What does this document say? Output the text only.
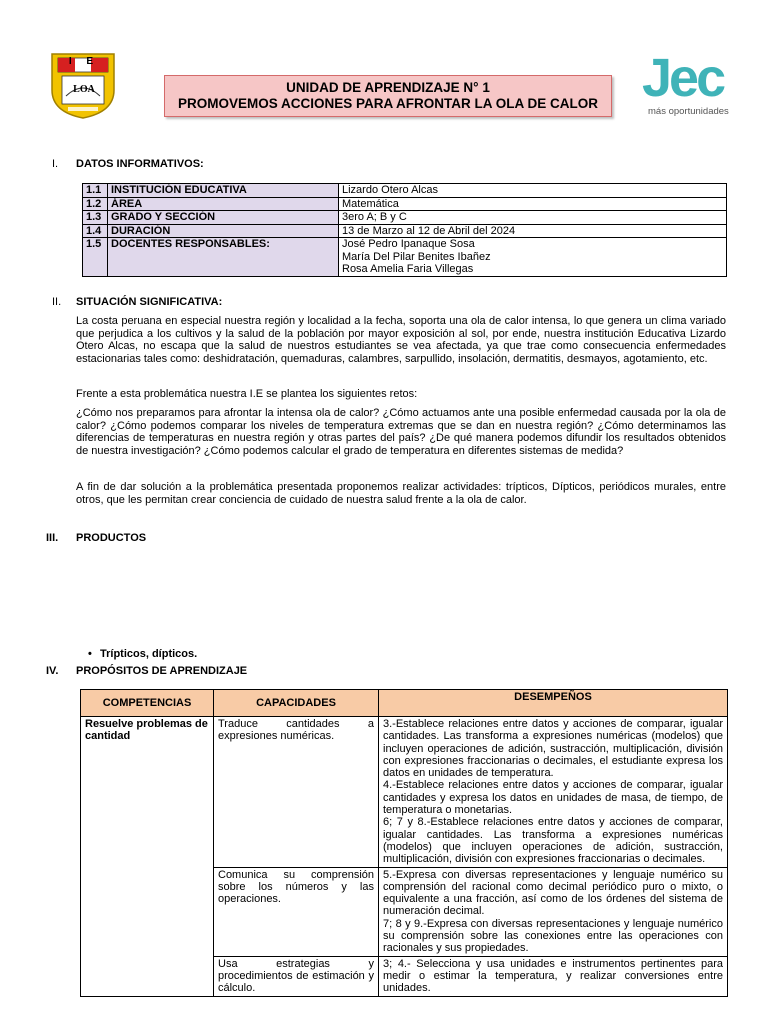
I E
LOA	UNIDAD DE APRENDIZAJE N° 1
PROMOVEMOS ACCIONES PARA AFRONTAR LA OLA DE CALOR Jec
más oportunidades
I. DATOS INFORMATIVOS:
1.1	INSTITUCIÓN EDUCATIVA	Lizardo Otero Alcas
1.2	ÁREA	Matemática
1.3	GRADO Y SECCIÓN	3ero A; B y C
1.4	DURACIÓN	13 de Marzo al 12 de Abril del 2024
1.5	DOCENTES RESPONSABLES:	José Pedro Ipanaque Sosa
María Del Pilar Benites Ibañez
Rosa Amelia Faria Villegas
II. SITUACIÓN SIGNIFICATIVA:
La costa peruana en especial nuestra región y localidad a la fecha, soporta una ola de calor intensa, lo que genera un clima variado que perjudica a los cultivos y la salud de la población por mayor exposición al sol, por ende, nuestra institución Educativa Lizardo Otero Alcas, no escapa que la salud de nuestros estudiantes se vea afectada, ya que trae como consecuencia enfermedades estacionarias tales como: deshidratación, quemaduras, calambres, sarpullido, insolación, dermatitis, desmayos, agotamiento, etc.
Frente a esta problemática nuestra I.E se plantea los siguientes retos:
¿Cómo nos preparamos para afrontar la intensa ola de calor? ¿Cómo actuamos ante una posible enfermedad causada por la ola de calor? ¿Cómo podemos comparar los niveles de temperatura extremas que se dan en nuestra región? ¿Cómo determinamos las diferencias de temperaturas en nuestra región y otras partes del país? ¿De qué manera podemos difundir los resultados obtenidos de nuestra investigación? ¿Cómo podemos calcular el grado de temperatura en diferentes sistemas de medida?
A fin de dar solución a la problemática presentada proponemos realizar actividades: trípticos, Dípticos, periódicos murales, entre otros, que les permitan crear conciencia de cuidado de nuestra salud frente a la ola de calor.
III. PRODUCTOS
• Trípticos, dípticos.
IV. PROPÓSITOS DE APRENDIZAJE
COMPETENCIAS	CAPACIDADES	DESEMPEÑOS
Resuelve problemas de cantidad	Traduce cantidades a expresiones numéricas.	3.-Establece relaciones entre datos y acciones de comparar, igualar cantidades. Las transforma a expresiones numéricas (modelos) que incluyen operaciones de adición, sustracción, multiplicación, división con expresiones fraccionarias o decimales, el estudiante expresa los datos en unidades de temperatura.
4.-Establece relaciones entre datos y acciones de comparar, igualar cantidades y expresa los datos en unidades de masa, de tiempo, de temperatura o monetarias.
6; 7 y 8.-Establece relaciones entre datos y acciones de comparar, igualar cantidades. Las transforma a expresiones numéricas (modelos) que incluyen operaciones de adición, sustracción, multiplicación, división con expresiones fraccionarias o decimales.

	Comunica su comprensión sobre los números y las operaciones.	5.-Expresa con diversas representaciones y lenguaje numérico su comprensión del racional como decimal periódico puro o mixto, o equivalente a una fracción, así como de los órdenes del sistema de numeración decimal.
7; 8 y 9.-Expresa con diversas representaciones y lenguaje numérico su comprensión sobre las conexiones entre las operaciones con racionales y sus propiedades.

	Usa estrategias y procedimientos de estimación y cálculo.	3; 4.- Selecciona y usa unidades e instrumentos pertinentes para medir o estimar la temperatura, y realizar conversiones entre unidades.
